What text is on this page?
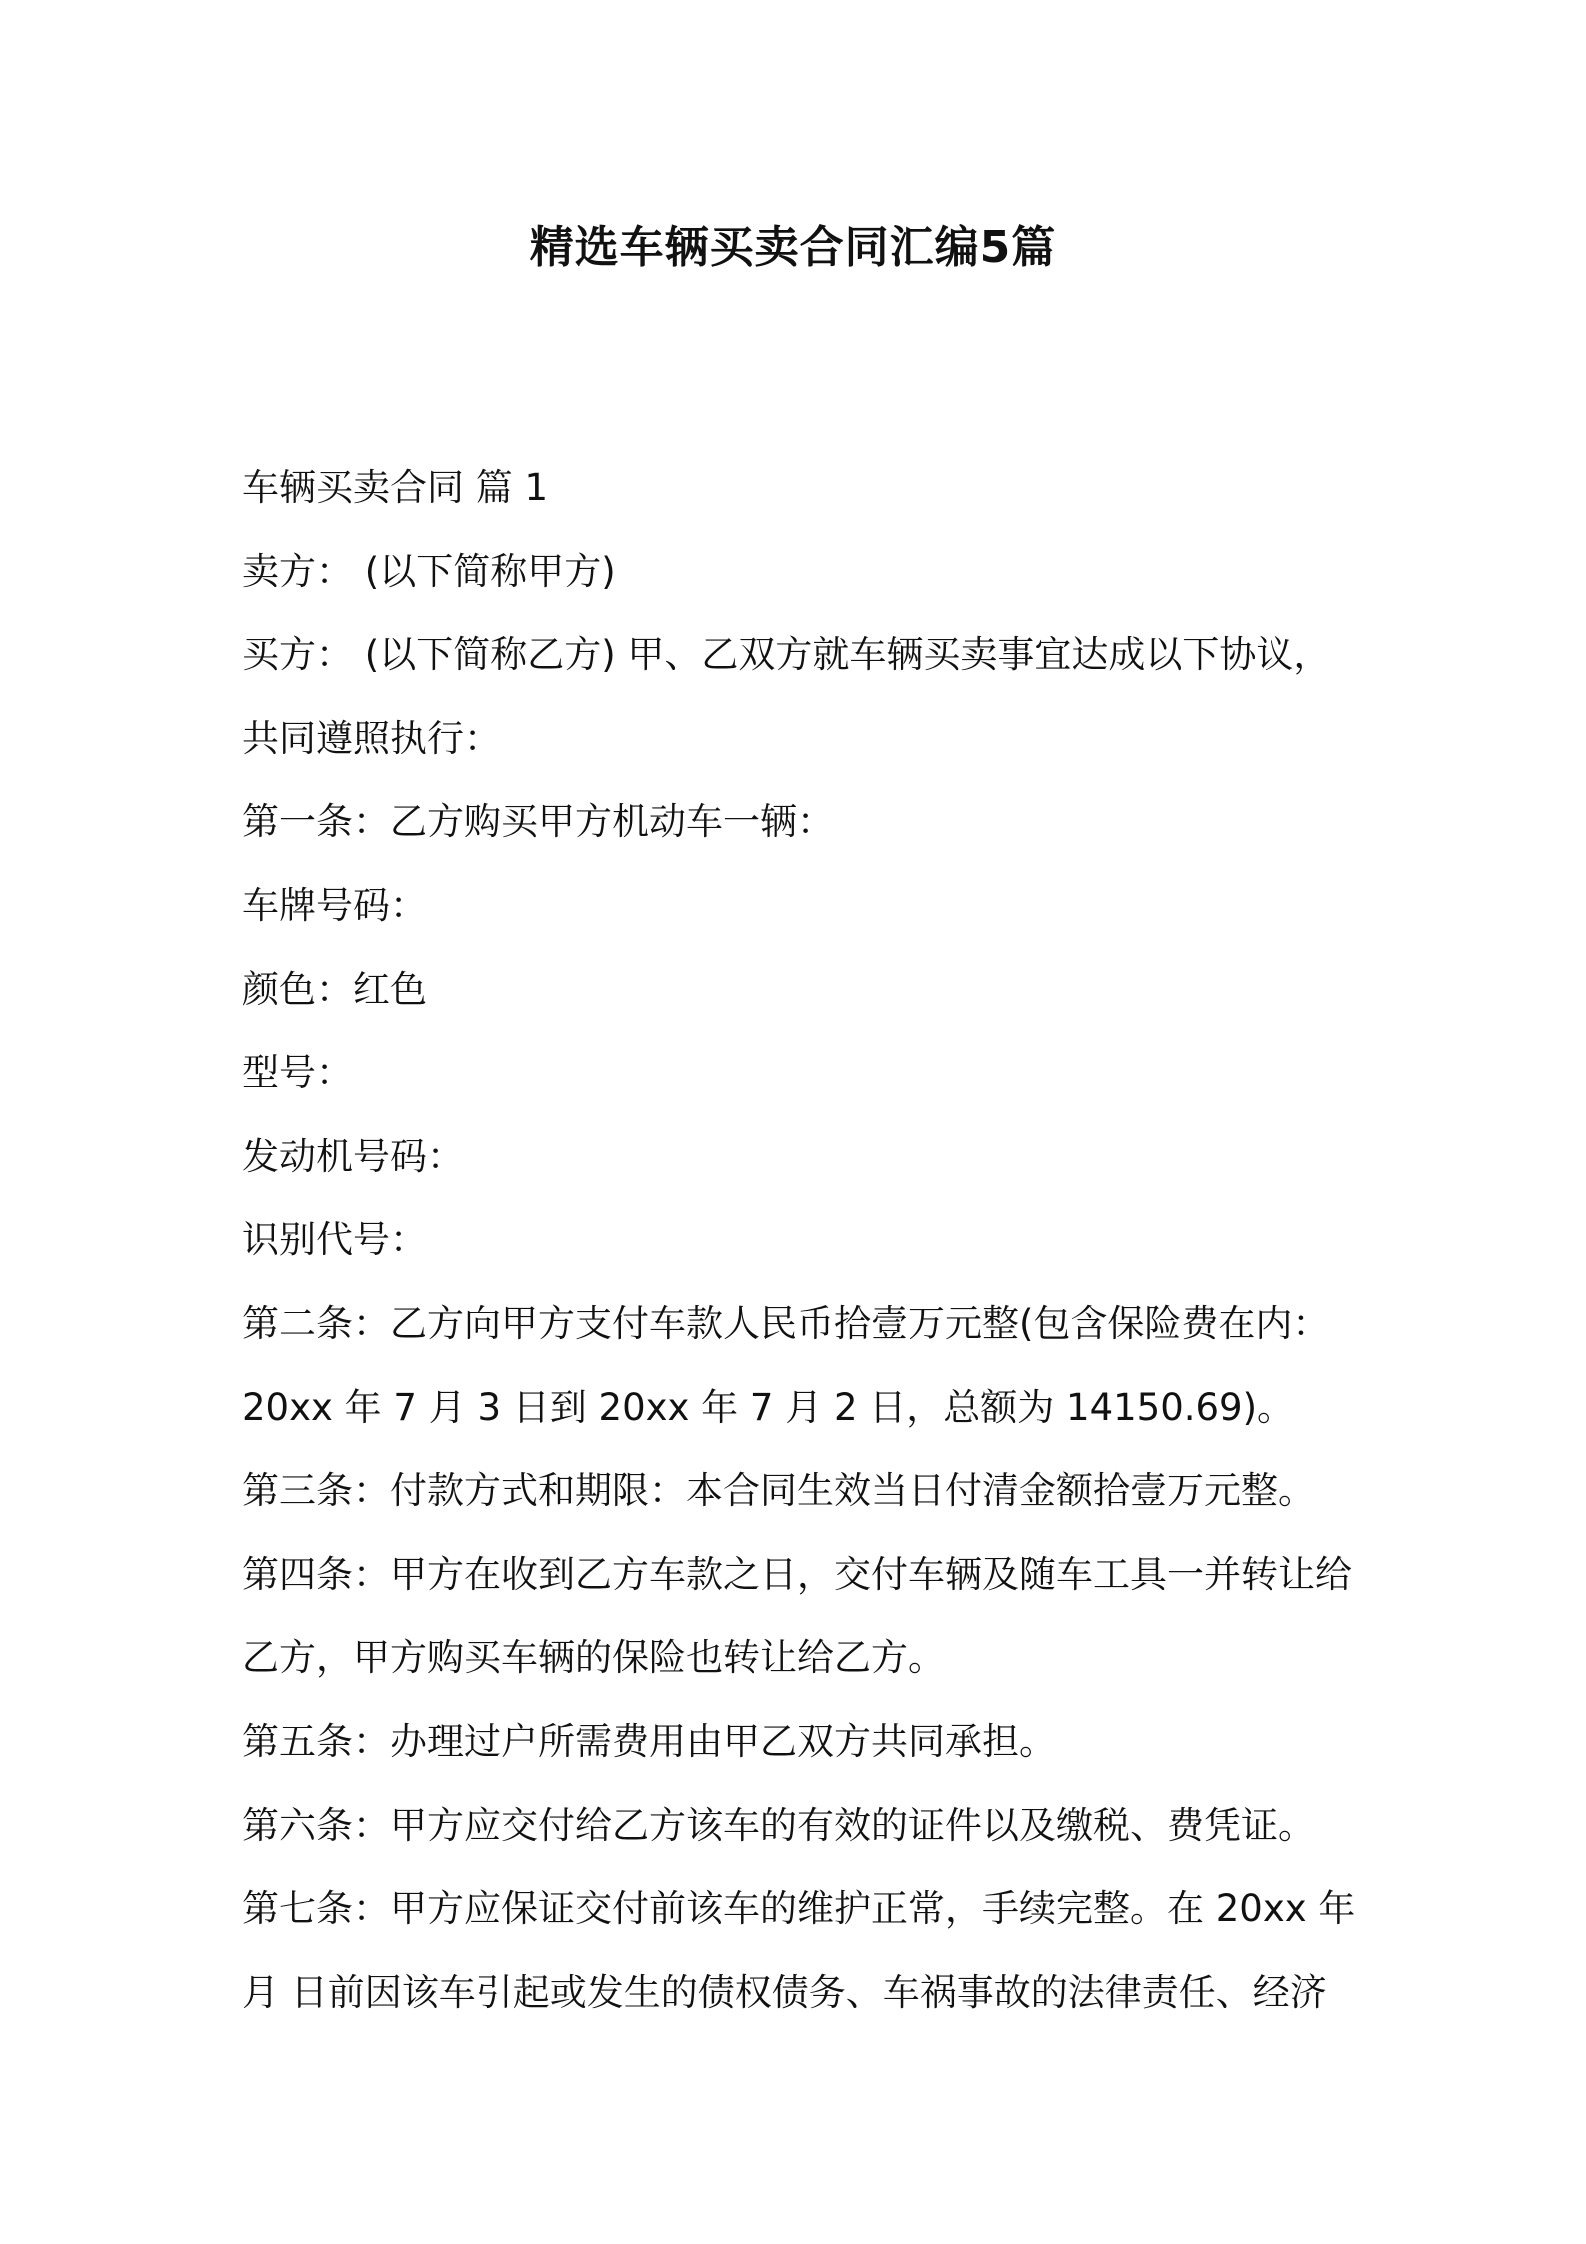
精选车辆买卖合同汇编5篇

车辆买卖合同 篇 1

卖方： (以下简称甲方)

买方： (以下简称乙方) 甲、乙双方就车辆买卖事宜达成以下协议，

共同遵照执行：

第一条：乙方购买甲方机动车一辆：

车牌号码：

颜色：红色

型号：

发动机号码：

识别代号：

第二条：乙方向甲方支付车款人民币拾壹万元整(包含保险费在内：

20xx 年 7 月 3 日到 20xx 年 7 月 2 日，总额为 14150.69)。

第三条：付款方式和期限：本合同生效当日付清金额拾壹万元整。

第四条：甲方在收到乙方车款之日，交付车辆及随车工具一并转让给

乙方，甲方购买车辆的保险也转让给乙方。

第五条：办理过户所需费用由甲乙双方共同承担。

第六条：甲方应交付给乙方该车的有效的证件以及缴税、费凭证。

第七条：甲方应保证交付前该车的维护正常，手续完整。在 20xx 年

月 日前因该车引起或发生的债权债务、车祸事故的法律责任、经济
